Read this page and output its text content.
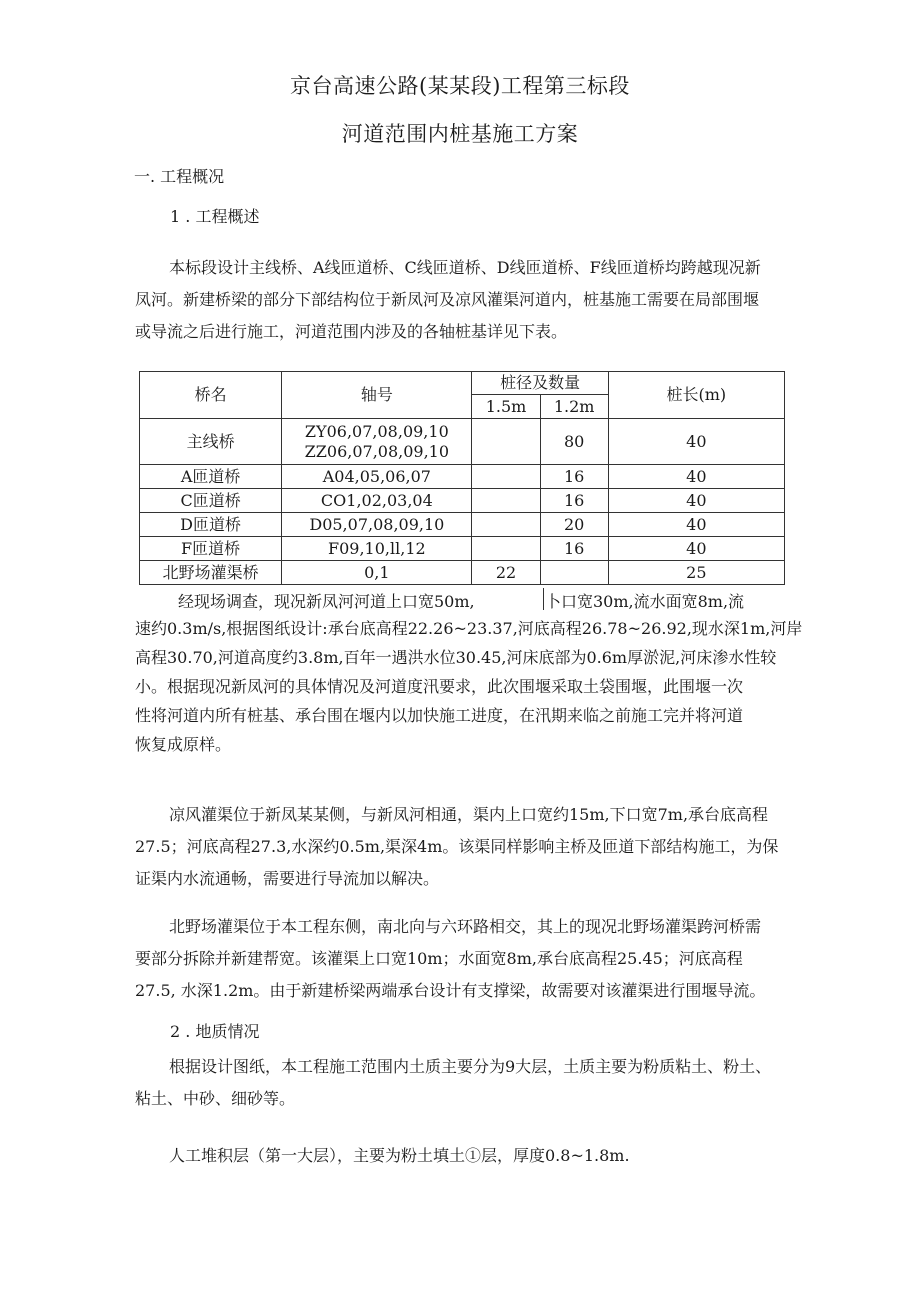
京台高速公路(某某段)工程第三标段
河道范围内桩基施工方案
一. 工程概况
1 . 工程概述
本标段设计主线桥、A线匝道桥、C线匝道桥、D线匝道桥、F线匝道桥均跨越现况新
凤河。新建桥梁的部分下部结构位于新凤河及凉风灌渠河道内，桩基施工需要在局部围堰
或导流之后进行施工，河道范围内涉及的各轴桩基详见下表。
桥名	轴号	桩径及数量		桩长(m)
		1.5m	1.2m	
主线桥	ZY06,07,08,09,10
ZZ06,07,08,09,10		80	40
A匝道桥	A04,05,06,07		16	40
C匝道桥	CO1,02,03,04		16	40
D匝道桥	D05,07,08,09,10		20	40
F匝道桥	F09,10,ll,12		16	40
北野场灌渠桥	0,1	22		25
经现场调查，现况新凤河河道上口宽50m,	卜口宽30m,流水面宽8m,流
速约0.3m/s,根据图纸设计:承台底高程22.26~23.37,河底高程26.78~26.92,现水深1m,河岸
高程30.70,河道高度约3.8m,百年一遇洪水位30.45,河床底部为0.6m厚淤泥,河床渗水性较
小。根据现况新凤河的具体情况及河道度汛要求，此次围堰采取土袋围堰，此围堰一次
性将河道内所有桩基、承台围在堰内以加快施工进度，在汛期来临之前施工完并将河道
恢复成原样。
凉风灌渠位于新凤某某侧，与新凤河相通，渠内上口宽约15m,下口宽7m,承台底高程
27.5；河底高程27.3,水深约0.5m,渠深4m。该渠同样影响主桥及匝道下部结构施工，为保
证渠内水流通畅，需要进行导流加以解决。
北野场灌渠位于本工程东侧，南北向与六环路相交，其上的现况北野场灌渠跨河桥需
要部分拆除并新建帮宽。该灌渠上口宽10m；水面宽8m,承台底高程25.45；河底高程
27.5, 水深1.2m。由于新建桥梁两端承台设计有支撑梁，故需要对该灌渠进行围堰导流。
2 . 地质情况
根据设计图纸，本工程施工范围内土质主要分为9大层，土质主要为粉质粘土、粉土、
粘土、中砂、细砂等。
人工堆积层（第一大层），主要为粉土填土①层，厚度0.8~1.8m.
